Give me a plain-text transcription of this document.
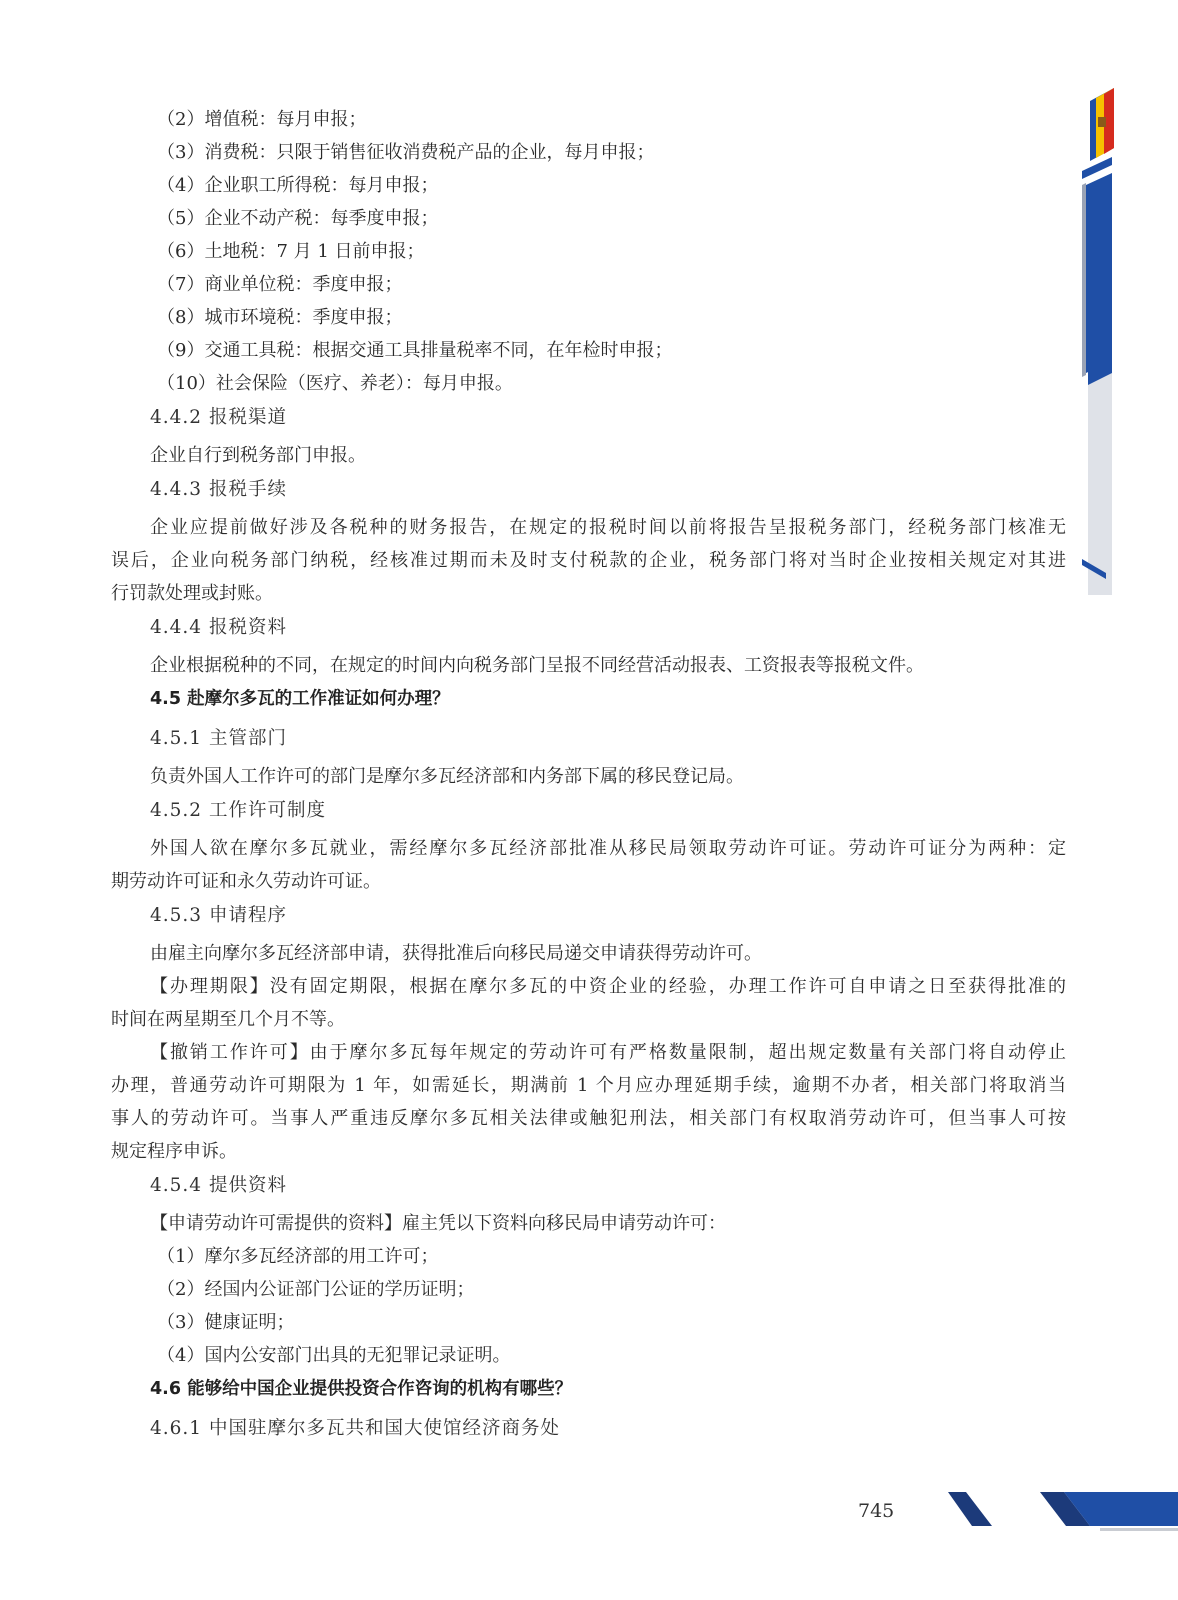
（2）增值税：每月申报；
（3）消费税：只限于销售征收消费税产品的企业，每月申报；
（4）企业职工所得税：每月申报；
（5）企业不动产税：每季度申报；
（6）土地税：7 月 1 日前申报；
（7）商业单位税：季度申报；
（8）城市环境税：季度申报；
（9）交通工具税：根据交通工具排量税率不同，在年检时申报；
（10）社会保险（医疗、养老）：每月申报。
4.4.2 报税渠道
企业自行到税务部门申报。
4.4.3 报税手续
企业应提前做好涉及各税种的财务报告，在规定的报税时间以前将报告呈报税务部门，经税务部门核准无
误后，企业向税务部门纳税，经核准过期而未及时支付税款的企业，税务部门将对当时企业按相关规定对其进
行罚款处理或封账。
4.4.4 报税资料
企业根据税种的不同，在规定的时间内向税务部门呈报不同经营活动报表、工资报表等报税文件。
4.5 赴摩尔多瓦的工作准证如何办理？
4.5.1 主管部门
负责外国人工作许可的部门是摩尔多瓦经济部和内务部下属的移民登记局。
4.5.2 工作许可制度
外国人欲在摩尔多瓦就业，需经摩尔多瓦经济部批准从移民局领取劳动许可证。劳动许可证分为两种：定
期劳动许可证和永久劳动许可证。
4.5.3 申请程序
由雇主向摩尔多瓦经济部申请，获得批准后向移民局递交申请获得劳动许可。
【办理期限】没有固定期限，根据在摩尔多瓦的中资企业的经验，办理工作许可自申请之日至获得批准的
时间在两星期至几个月不等。
【撤销工作许可】由于摩尔多瓦每年规定的劳动许可有严格数量限制，超出规定数量有关部门将自动停止
办理，普通劳动许可期限为 1 年，如需延长，期满前 1 个月应办理延期手续，逾期不办者，相关部门将取消当
事人的劳动许可。当事人严重违反摩尔多瓦相关法律或触犯刑法，相关部门有权取消劳动许可，但当事人可按
规定程序申诉。
4.5.4 提供资料
【申请劳动许可需提供的资料】雇主凭以下资料向移民局申请劳动许可：
（1）摩尔多瓦经济部的用工许可；
（2）经国内公证部门公证的学历证明；
（3）健康证明；
（4）国内公安部门出具的无犯罪记录证明。
4.6 能够给中国企业提供投资合作咨询的机构有哪些？
4.6.1 中国驻摩尔多瓦共和国大使馆经济商务处
745
